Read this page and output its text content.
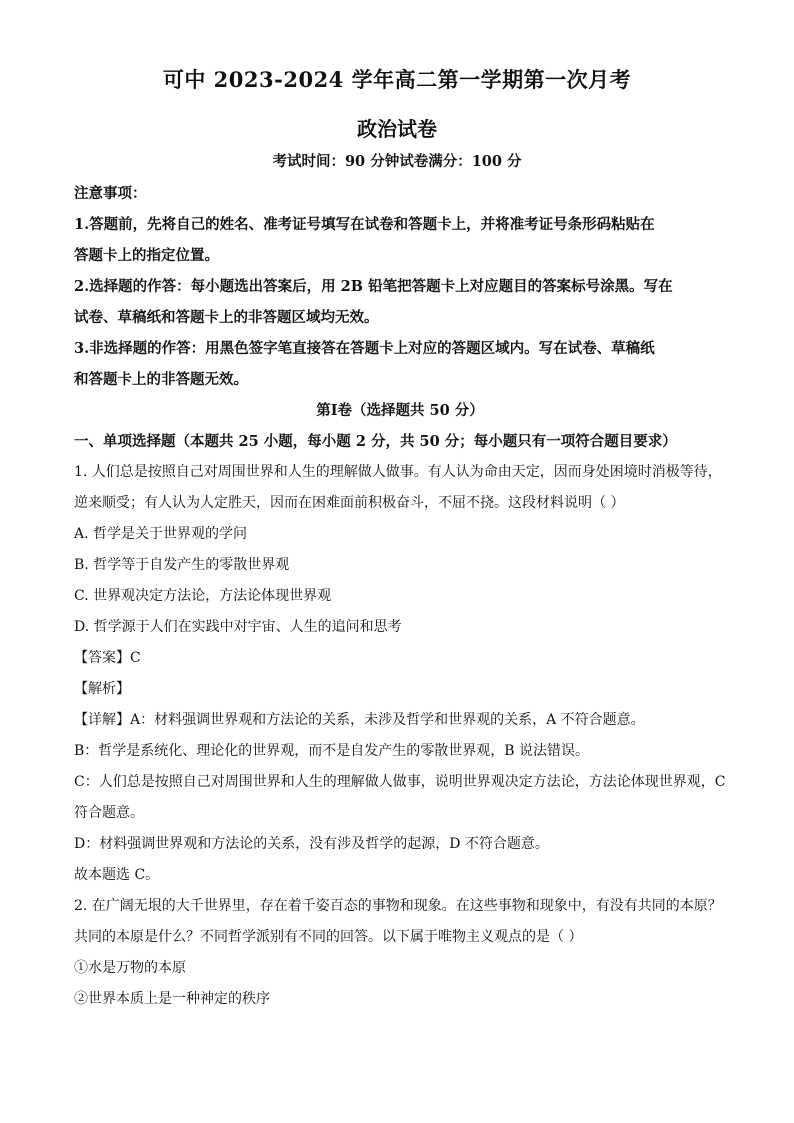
可中 2023-2024 学年高二第一学期第一次月考
政治试卷
考试时间：90 分钟试卷满分：100 分
注意事项：
1.答题前，先将自己的姓名、准考证号填写在试卷和答题卡上，并将准考证号条形码粘贴在
答题卡上的指定位置。
2.选择题的作答：每小题选出答案后，用 2B 铅笔把答题卡上对应题目的答案标号涂黑。写在
试卷、草稿纸和答题卡上的非答题区域均无效。
3.非选择题的作答：用黑色签字笔直接答在答题卡上对应的答题区域内。写在试卷、草稿纸
和答题卡上的非答题无效。
第Ⅰ卷（选择题共 50 分）
一、单项选择题（本题共 25 小题，每小题 2 分，共 50 分；每小题只有一项符合题目要求）
1. 人们总是按照自己对周围世界和人生的理解做人做事。有人认为命由天定，因而身处困境时消极等待，
逆来顺受；有人认为人定胜天，因而在困难面前积极奋斗，不屈不挠。这段材料说明（ ）
A. 哲学是关于世界观的学问
B. 哲学等于自发产生的零散世界观
C. 世界观决定方法论，方法论体现世界观
D. 哲学源于人们在实践中对宇宙、人生的追问和思考
【答案】C
【解析】
【详解】A：材料强调世界观和方法论的关系，未涉及哲学和世界观的关系，A 不符合题意。
B：哲学是系统化、理论化的世界观，而不是自发产生的零散世界观，B 说法错误。
C：人们总是按照自己对周围世界和人生的理解做人做事，说明世界观决定方法论，方法论体现世界观，C
符合题意。
D：材料强调世界观和方法论的关系，没有涉及哲学的起源，D 不符合题意。
故本题选 C。
2. 在广阔无垠的大千世界里，存在着千姿百态的事物和现象。在这些事物和现象中，有没有共同的本原？
共同的本原是什么？不同哲学派别有不同的回答。以下属于唯物主义观点的是（ ）
①水是万物的本原
②世界本质上是一种神定的秩序
